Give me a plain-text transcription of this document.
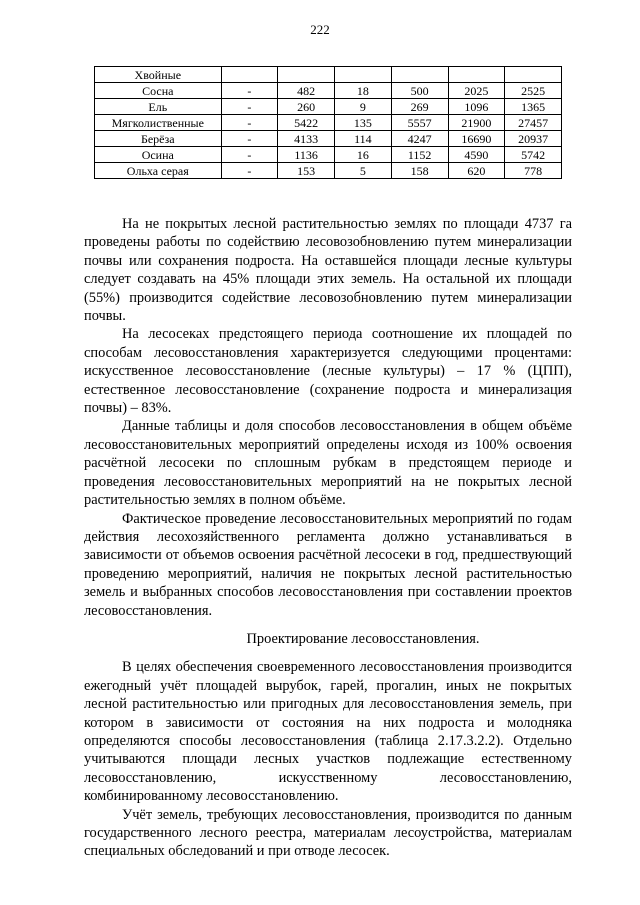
222
Хвойные						
Сосна	-	482	18	500	2025	2525
Ель	-	260	9	269	1096	1365
Мягколиственные	-	5422	135	5557	21900	27457
Берёза	-	4133	114	4247	16690	20937
Осина	-	1136	16	1152	4590	5742
Ольха серая	-	153	5	158	620	778

На не покрытых лесной растительностью землях по площади 4737 га проведены работы по содействию лесовозобновлению путем минерализации почвы или сохранения подроста. На оставшейся площади лесные культуры следует создавать на 45% площади этих земель. На остальной их площади (55%) производится содействие лесовозобновлению путем минерализации почвы.

На лесосеках предстоящего периода соотношение их площадей по способам лесовосстановления характеризуется следующими процентами: искусственное лесовосстановление (лесные культуры) – 17 % (ЦПП), естественное лесовосстановление (сохранение подроста и минерализация почвы) – 83%.

Данные таблицы и доля способов лесовосстановления в общем объёме лесовосстановительных мероприятий определены исходя из 100% освоения расчётной лесосеки по сплошным рубкам в предстоящем периоде и проведения лесовосстановительных мероприятий на не покрытых лесной растительностью землях в полном объёме.

Фактическое проведение лесовосстановительных мероприятий по годам действия лесохозяйственного регламента должно устанавливаться в зависимости от объемов освоения расчётной лесосеки в год, предшествующий проведению мероприятий, наличия не покрытых лесной растительностью земель и выбранных способов лесовосстановления при составлении проектов лесовосстановления.

Проектирование лесовосстановления.

В целях обеспечения своевременного лесовосстановления производится ежегодный учёт площадей вырубок, гарей, прогалин, иных не покрытых лесной растительностью или пригодных для лесовосстановления земель, при котором в зависимости от состояния на них подроста и молодняка определяются способы лесовосстановления (таблица 2.17.3.2.2). Отдельно учитываются площади лесных участков подлежащие естественному лесовосстановлению, искусственному лесовосстановлению, комбинированному лесовосстановлению.

Учёт земель, требующих лесовосстановления, производится по данным государственного лесного реестра, материалам лесоустройства, материалам специальных обследований и при отводе лесосек.
